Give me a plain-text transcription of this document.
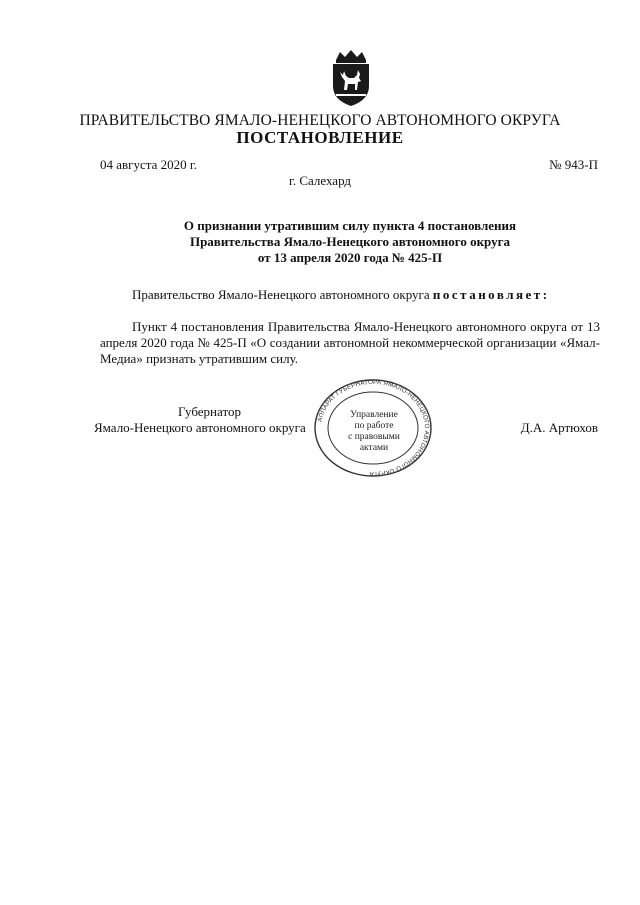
ПРАВИТЕЛЬСТВО ЯМАЛО-НЕНЕЦКОГО АВТОНОМНОГО ОКРУГА
ПОСТАНОВЛЕНИЕ
04 августа 2020 г.	№ 943-П
г. Салехард
О признании утратившим силу пункта 4 постановления
Правительства Ямало-Ненецкого автономного округа
от 13 апреля 2020 года № 425-П
Правительство Ямало-Ненецкого автономного округа постановляет:
Пункт 4 постановления Правительства Ямало-Ненецкого автономного округа от 13 апреля 2020 года № 425-П «О создании автономной некоммерческой организации «Ямал-Медиа» признать утратившим силу.
Губернатор
Ямало-Ненецкого автономного округа	Д.А. Артюхов
АППАРАТ ГУБЕРНАТОРА ЯМАЛО-НЕНЕЦКОГО АВТОНОМНОГО ОКРУГА
Управление
по работе
с правовыми
актами
